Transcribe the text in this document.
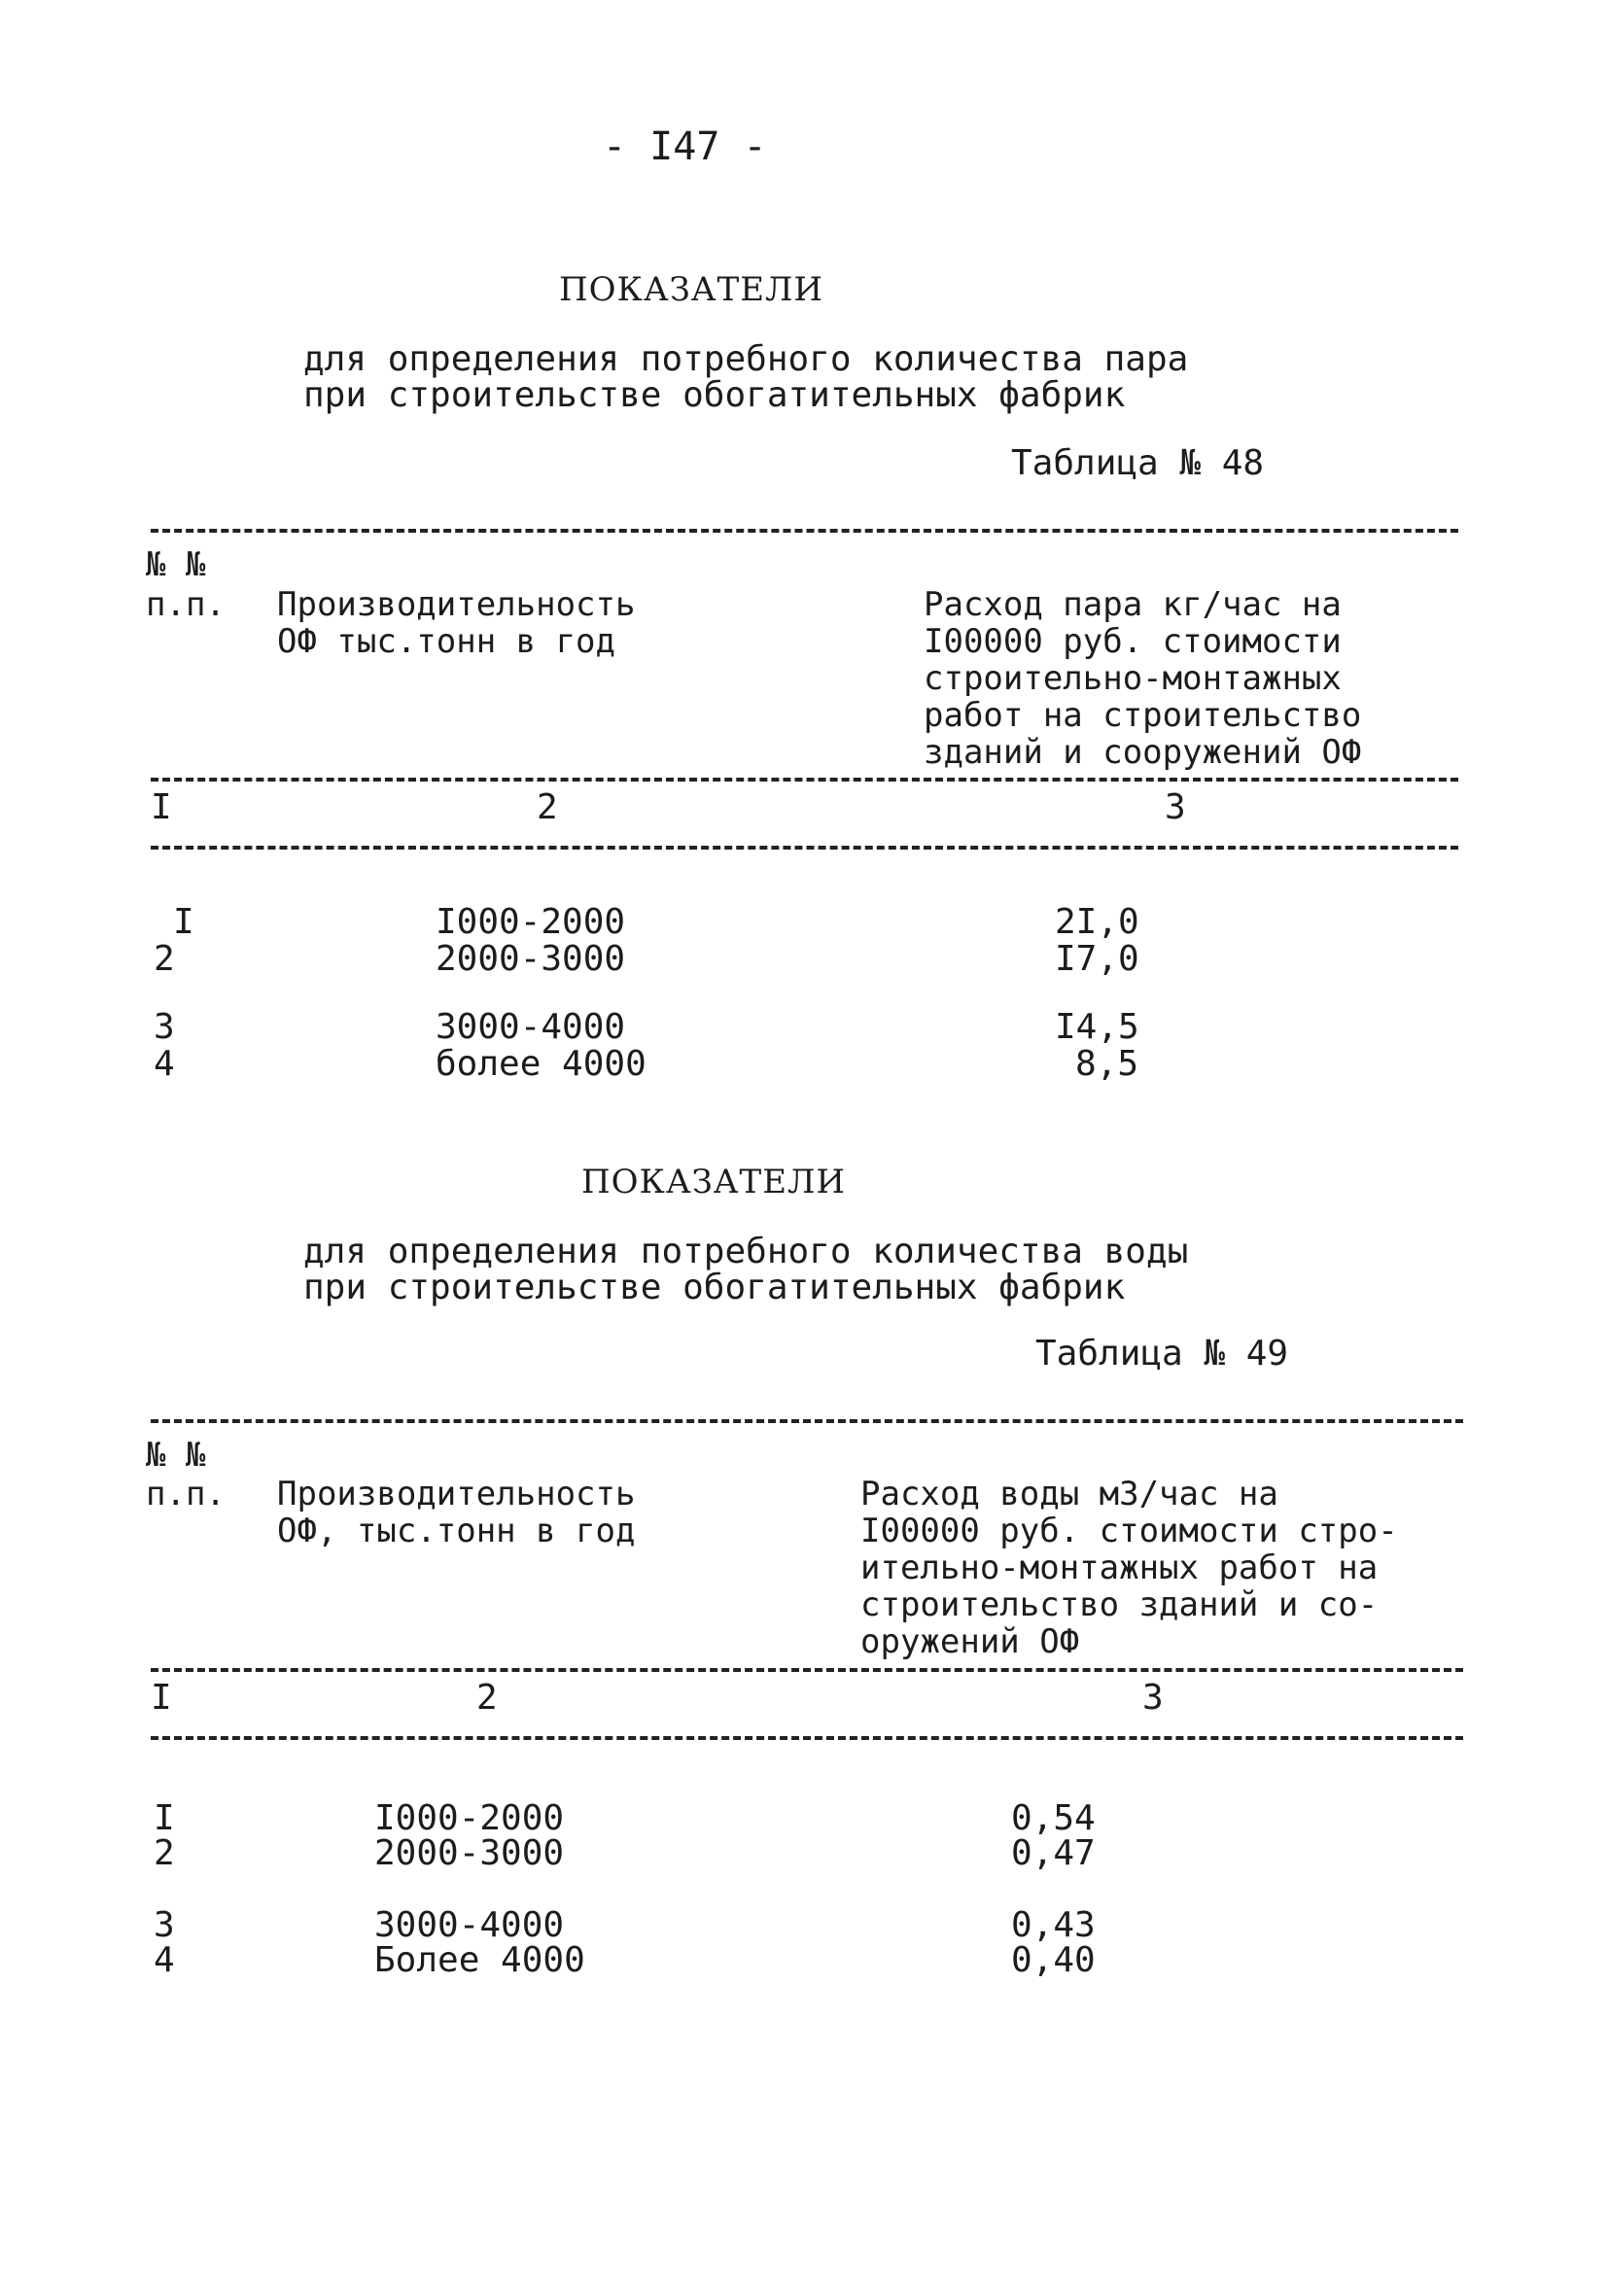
- I47 -
ПОКАЗАТЕЛИ
для определения потребного количества пара
при строительстве обогатительных фабрик
Таблица № 48
№ №
п.п. Производительность
ОФ тыс.тонн в год
Расход пара кг/час на
I00000 руб. стоимости
строительно-монтажных
работ на строительство
зданий и сооружений ОФ
I	2	3
I	I000-2000	2I,0
2	2000-3000	I7,0
3	3000-4000	I4,5
4	более 4000	8,5
ПОКАЗАТЕЛИ
для определения потребного количества воды
при строительстве обогатительных фабрик
Таблица № 49
№ №
п.п. Производительность
ОФ, тыс.тонн в год
Расход воды м3/час на
I00000 руб. стоимости стро-
ительно-монтажных работ на
строительство зданий и со-
оружений ОФ
I	2	3
I	I000-2000	0,54
2	2000-3000	0,47
3	3000-4000	0,43
4	Более 4000	0,40
